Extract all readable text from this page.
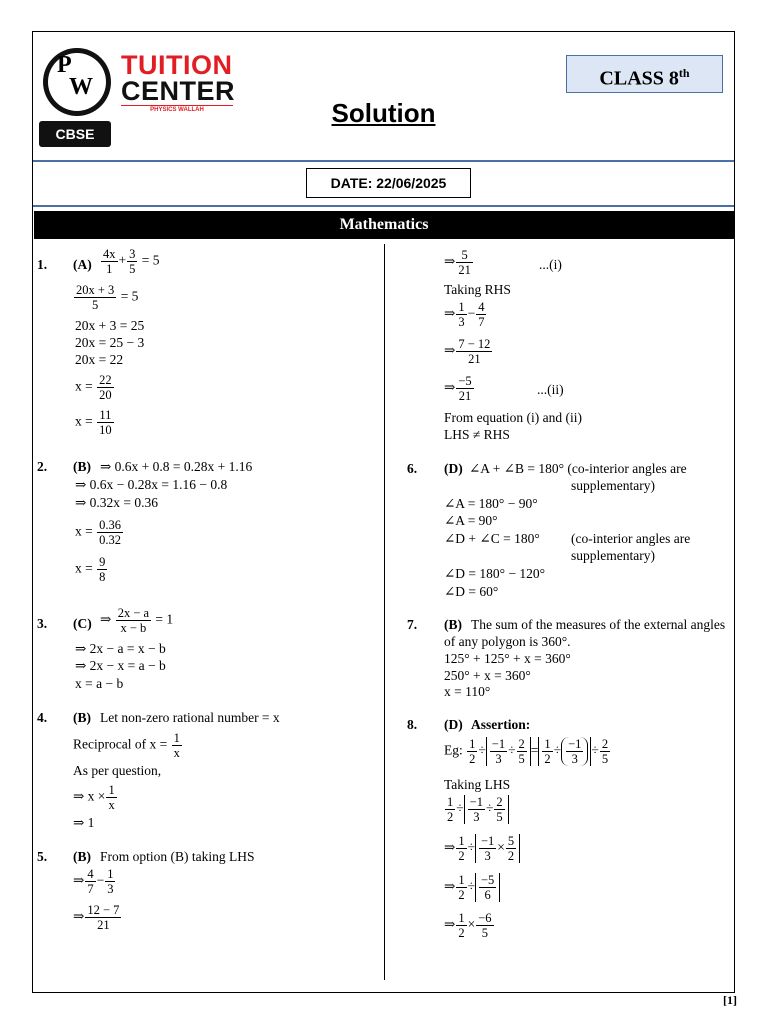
P
W
TUITION
CENTER
PHYSICS WALLAH
CBSE
CLASS 8th
Solution
DATE: 22/06/2025
Mathematics
1. $(A) \frac{4x}{1} + \frac{3}{5} = 5$
$\frac{20x + 3}{5} = 5$
20x + 3 = 25
20x = 25 − 3
20x = 22
$x = \frac{22}{20}$
$x = \frac{11}{10}$
2. (B) ⇒ 0.6x + 0.8 = 0.28x + 1.16
⇒ 0.6x − 0.28x = 1.16 − 0.8
⇒ 0.32x = 0.36
$x = \frac{0.36}{0.32}$
$x = \frac{9}{8}$
3. (C) ⇒ $\frac{2x - a}{x - b} = 1$
⇒ 2x − a = x − b
⇒ 2x − x = a − b
x = a − b
4. (B) Let non-zero rational number = x
Reciprocal of $x = \frac{1}{x}$
As per question,
⇒ $x \times \frac{1}{x}$
⇒ 1
5. (B) From option (B) taking LHS
⇒ $\frac{4}{7} - \frac{1}{3}$
⇒ $\frac{12 - 7}{21}$
⇒ $\frac{5}{21}$	...(i)
Taking RHS
⇒ $\frac{1}{3} - \frac{4}{7}$
⇒ $\frac{7 - 12}{21}$
⇒ $\frac{-5}{21}$	...(ii)
From equation (i) and (ii)
LHS ≠ RHS
6. (D) ∠A + ∠B = 180° (co-interior angles are
supplementary)
∠A = 180° − 90°
∠A = 90°
∠D + ∠C = 180° (co-interior angles are
supplementary)
∠D = 180° − 120°
∠D = 60°
7. (B) The sum of the measures of the external angles
of any polygon is 360°.
125° + 125° + x = 360°
250° + x = 360°
x = 110°
8. (D) Assertion:
Eg: $\frac{1}{2} \div \frac{-1}{3} \div \frac{2}{5} = \frac{1}{2} \div \frac{-1}{3} \div \frac{2}{5}$
Taking LHS
$\frac{1}{2} \div \frac{-1}{3} \div \frac{2}{5}$
⇒ $\frac{1}{2} \div \frac{-1}{3} \times \frac{5}{2}$
⇒ $\frac{1}{2} \div \frac{-5}{6}$
⇒ $\frac{1}{2} \times \frac{-6}{5}$
[1]
